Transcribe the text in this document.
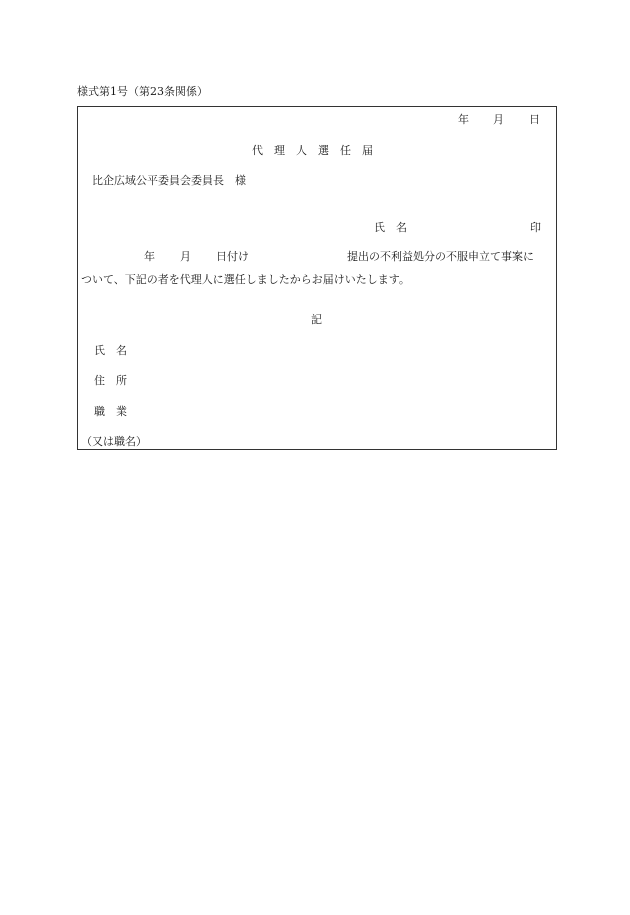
様式第1号（第23条関係）
年 月 日
代　理　人　選　任　届
比企広域公平委員会委員長　様
氏　名	印
年 月 日付け	提出の不利益処分の不服申立て事案に
ついて、下記の者を代理人に選任しましたからお届けいたします。
記
氏　名
住　所
職　業
（又は職名）
